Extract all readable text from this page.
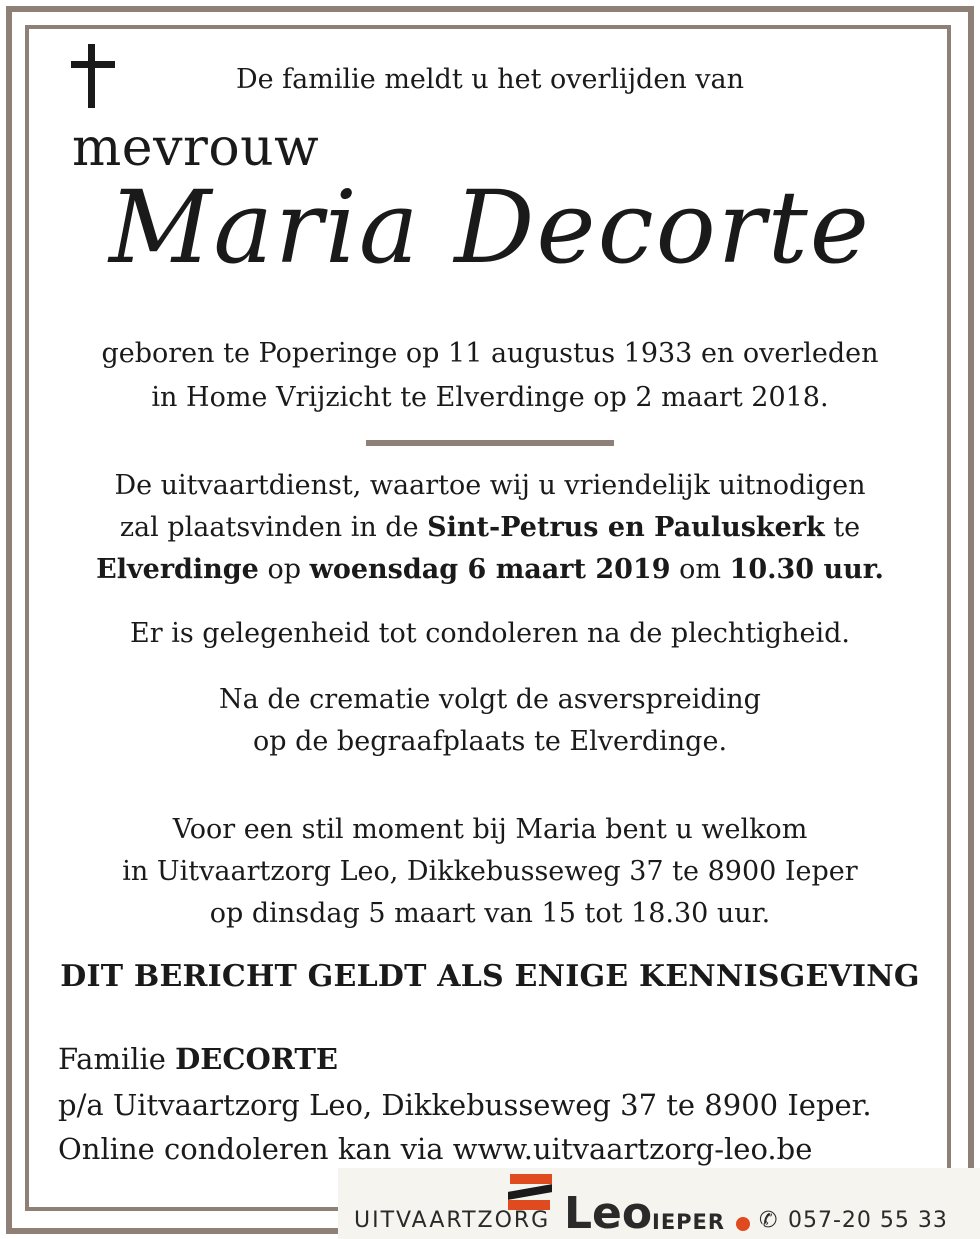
De familie meldt u het overlijden van
mevrouw
Maria Decorte
geboren te Poperinge op 11 augustus 1933 en overleden
in Home Vrijzicht te Elverdinge op 2 maart 2018.
De uitvaartdienst, waartoe wij u vriendelijk uitnodigen
zal plaatsvinden in de Sint-Petrus en Pauluskerk te
Elverdinge op woensdag 6 maart 2019 om 10.30 uur.
Er is gelegenheid tot condoleren na de plechtigheid.
Na de crematie volgt de asverspreiding
op de begraafplaats te Elverdinge.
Voor een stil moment bij Maria bent u welkom
in Uitvaartzorg Leo, Dikkebusseweg 37 te 8900 Ieper
op dinsdag 5 maart van 15 tot 18.30 uur.
DIT BERICHT GELDT ALS ENIGE KENNISGEVING
Familie DECORTE
p/a Uitvaartzorg Leo, Dikkebusseweg 37 te 8900 Ieper.
Online condoleren kan via www.uitvaartzorg-leo.be
UITVAARTZORG Leo IEPER ✆ 057-20 55 33
